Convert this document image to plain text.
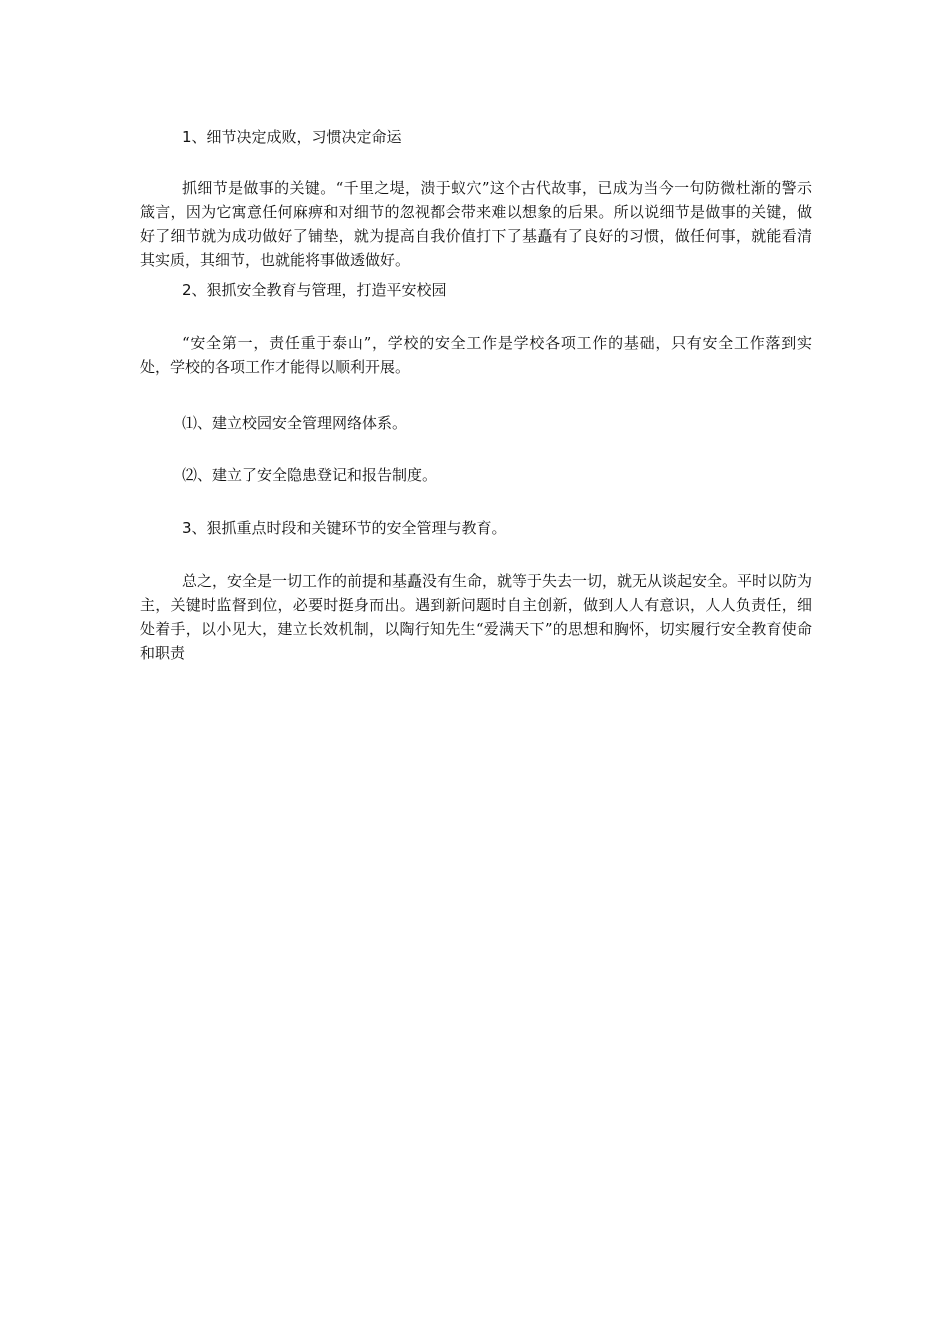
1、细节决定成败，习惯决定命运

抓细节是做事的关键。“千里之堤，溃于蚁穴”这个古代故事，已成为当今一句防微杜渐的警示箴言，因为它寓意任何麻痹和对细节的忽视都会带来难以想象的后果。所以说细节是做事的关键，做好了细节就为成功做好了铺垫，就为提高自我价值打下了基矗有了良好的习惯，做任何事，就能看清其实质，其细节，也就能将事做透做好。

2、狠抓安全教育与管理，打造平安校园

“安全第一，责任重于泰山”，学校的安全工作是学校各项工作的基础，只有安全工作落到实处，学校的各项工作才能得以顺利开展。

⑴、建立校园安全管理网络体系。

⑵、建立了安全隐患登记和报告制度。

3、狠抓重点时段和关键环节的安全管理与教育。

总之，安全是一切工作的前提和基矗没有生命，就等于失去一切，就无从谈起安全。平时以防为主，关键时监督到位，必要时挺身而出。遇到新问题时自主创新，做到人人有意识，人人负责任，细处着手，以小见大，建立长效机制，以陶行知先生“爱满天下”的思想和胸怀，切实履行安全教育使命和职责
